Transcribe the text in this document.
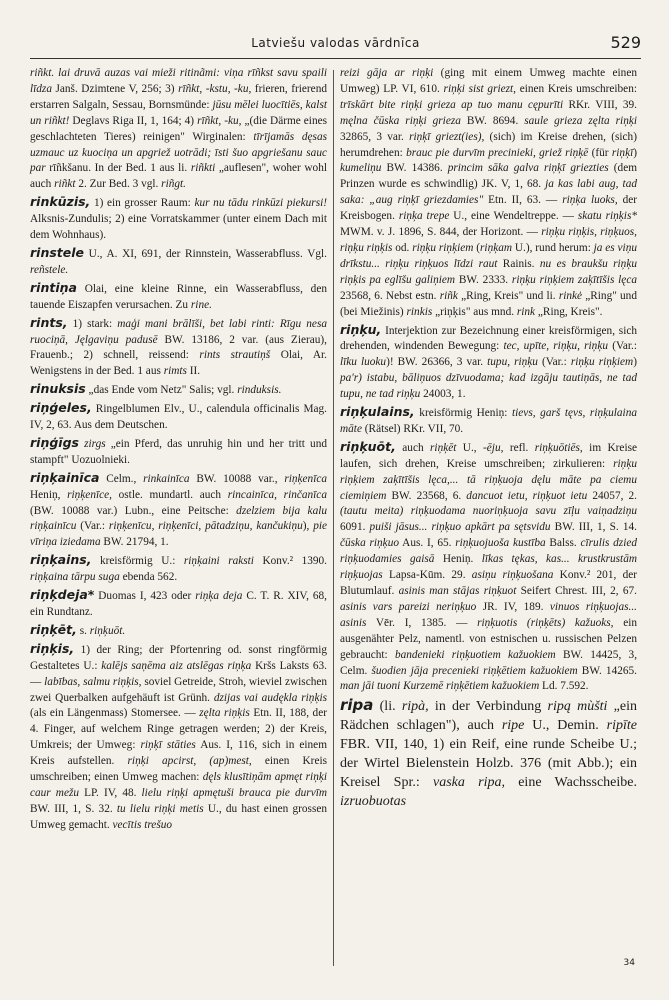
Latviešu valodas vārdnīca	529

riñkt. lai druvā auzas vai mieži ritinãmi: viņa rīñkst savu spaili līdza Janš. Dzimtene V, 256; 3) rīñkt, -kstu, -ku, frieren, frierend erstarren Salgaln, Sessau, Bornsmünde: jūsu mēlei luocītiēs, kalst un riñkt! Deglavs Riga II, 1, 164; 4) rīñkt, -ku, „(die Därme eines geschlachteten Tieres) reinigen" Wirginalen: tīrījamās dęsas uzmauc uz kuociņa un apgriež uotrādi; īsti šuo apgriešanu sauc par rīñkšanu. In der Bed. 1 aus li. riñkti „auflesen", woher wohl auch riñkt 2. Zur Bed. 3 vgl. riñgt.

rinkūzis, 1) ein grosser Raum: kur nu tādu rinkūzi piekursi! Alksnis-Zundulis; 2) eine Vorratskammer (unter einem Dach mit dem Wohnhaus).

rinstele U., A. XI, 691, der Rinnstein, Wasserabfluss. Vgl. reñstele.

rintiņa Olai, eine kleine Rinne, ein Wasserabfluss, den tauende Eiszapfen verursachen. Zu rine.

rints, 1) stark: maģi mani brālīši, bet labi rinti: Rīgu nesa ruociņā, Jęlgaviņu padusē BW. 13186, 2 var. (aus Zierau), Frauenb.; 2) schnell, reissend: rints strautiņš Olai, Ar. Wenigstens in der Bed. 1 aus rimts II.

rinuksis „das Ende vom Netz" Salis; vgl. rinduksis.

riņģeles, Ringelblumen Elv., U., calendula officinalis Mag. IV, 2, 63. Aus dem Deutschen.

riņģīgs zirgs „ein Pferd, das unruhig hin und her tritt und stampft" Uozuolnieki.

riņķainīca Celm., rinkainīca BW. 10088 var., riņķenīca Heniņ, riņķenīce, ostle. mundartl. auch rincainīca, rinčanīca (BW. 10088 var.) Lubn., eine Peitsche: dzelziem bija kalu riņķainīcu (Var.: riņķenīcu, riņķenīci, pātadziņu, kančukiņu), pie vīriņa iziedama BW. 21794, 1.

riņķains, kreisförmig U.: riņķaini raksti Konv.² 1390. riņķaina tārpu suga ebenda 562.

riņķdeja* Duomas I, 423 oder riņķa deja C. T. R. XIV, 68, ein Rundtanz.

riņķēt, s. riņķuōt.

riņķis, 1) der Ring; der Pfortenring od. sonst ringförmig Gestaltetes U.: kalējs saņēma aiz atslēgas riņķa Kršs Laksts 63. — labības, salmu riņķis, soviel Getreide, Stroh, wieviel zwischen zwei Querbalken aufgehäuft ist Grünh. dzijas vai audękla riņķis (als ein Längenmass) Stomersee. — zęlta riņķis Etn. II, 188, der 4. Finger, auf welchem Ringe getragen werden; 2) der Kreis, Umkreis; der Umweg: riņķī stāties Aus. I, 116, sich in einem Kreis aufstellen. riņķi apcirst, (ap)mest, einen Kreis umschreiben; einen Umweg machen: dęls klusītiņām apmęt riņķi caur mežu LP. IV, 48. lielu riņķi apmętuši brauca pie durvīm BW. III, 1, S. 32. tu lielu riņķi metis U., du hast einen grossen Umweg gemacht. vecītis trešuo

reizi gāja ar riņķi (ging mit einem Umweg machte einen Umweg) LP. VI, 610. riņķi sist griezt, einen Kreis umschreiben: trīskārt bite riņķi grieza ap tuo manu cępurīti RKr. VIII, 39. męlna čūska riņķi grieza BW. 8694. saule grieza zęlta riņķi 32865, 3 var. riņķī griezt(ies), (sich) im Kreise drehen, (sich) herumdrehen: brauc pie durvīm precinieki, griež riņķē (für riņķī) kumeliņu BW. 14386. princim sāka galva riņķī griezties (dem Prinzen wurde es schwindlig) JK. V, 1, 68. ja kas labi aug, tad saka: „aug riņķī griezdamies" Etn. II, 63. — riņķa luoks, der Kreisbogen. riņķa trepe U., eine Wendeltreppe. — skatu riņķis* MWM. v. J. 1896, S. 844, der Horizont. — riņķu riņķis, riņķuos, riņķu riņķis od. riņķu riņķiem (riņķam U.), rund herum: ja es viņu drīkstu... riņķu riņķuos līdzi raut Rainis. nu es braukšu riņķu riņķis pa eglīšu galiņiem BW. 2333. riņķu riņķiem zaķītīšis lęca 23568, 6. Nebst estn. riñk „Ring, Kreis" und li. rinkė „Ring" und (bei Miežinis) rinkis „riņķis" aus mnd. rink „Ring, Kreis".

riņķu, Interjektion zur Bezeichnung einer kreisförmigen, sich drehenden, windenden Bewegung: tec, upīte, riņķu, riņķu (Var.: līku luoku)! BW. 26366, 3 var. tupu, riņķu (Var.: riņķu riņķiem) pa'r) istabu, bāliņuos dzīvuodama; kad izgāju tautiņās, ne tad tupu, ne tad riņķu 24003, 1.

riņķulains, kreisförmig Heniņ: tievs, garš tęvs, riņķulaina māte (Rätsel) RKr. VII, 70.

riņķuōt, auch riņķēt U., -ēju, refl. riņķuōtiēs, im Kreise laufen, sich drehen, Kreise umschreiben; zirkulieren: riņķu riņķiem zaķītīšis lęca,... tā riņķuoja dęlu māte pa ciemu ciemiņiem BW. 23568, 6. dancuot ietu, riņķuot ietu 24057, 2. (tautu meita) riņķuodama nuoriņķuoja savu zīļu vaiņadziņu 6091. puiši jāsus... riņķuo apkārt pa sętsvidu BW. III, 1, S. 14. čūska riņķuo Aus. I, 65. riņķuojuoša kustība Balss. cīrulis dzied riņķuodamies gaisā Heniņ. līkas tękas, kas... krustkrustām riņķuojas Lapsa-Kūm. 29. asiņu riņķuošana Konv.² 201, der Blutumlauf. asinis man stājas riņķuot Seifert Chrest. III, 2, 67. asinis vars pareizi neriņķuo JR. IV, 189. vinuos riņķuojas... asinis Vēr. I, 1385. — riņķuotis (riņķēts) kažuoks, ein ausgenähter Pelz, namentl. von estnischen u. russischen Pelzen gebraucht: bandenieki riņķuotiem kažuokiem BW. 14425, 3, Celm. šuodien jāja precenieki riņķētiem kažuokiem BW. 14265. man jāi tuoni Kurzemē riņķētiem kažuokiem Ld. 7.592.

ripa (li. ripà, in der Verbindung ripą mùšti „ein Rädchen schlagen"), auch ripe U., Demin. ripīte FBR. VII, 140, 1) ein Reif, eine runde Scheibe U.; der Wirtel Bielenstein Holzb. 376 (mit Abb.); ein Kreisel Spr.: vaska ripa, eine Wachsscheibe. izruobuotas

34
